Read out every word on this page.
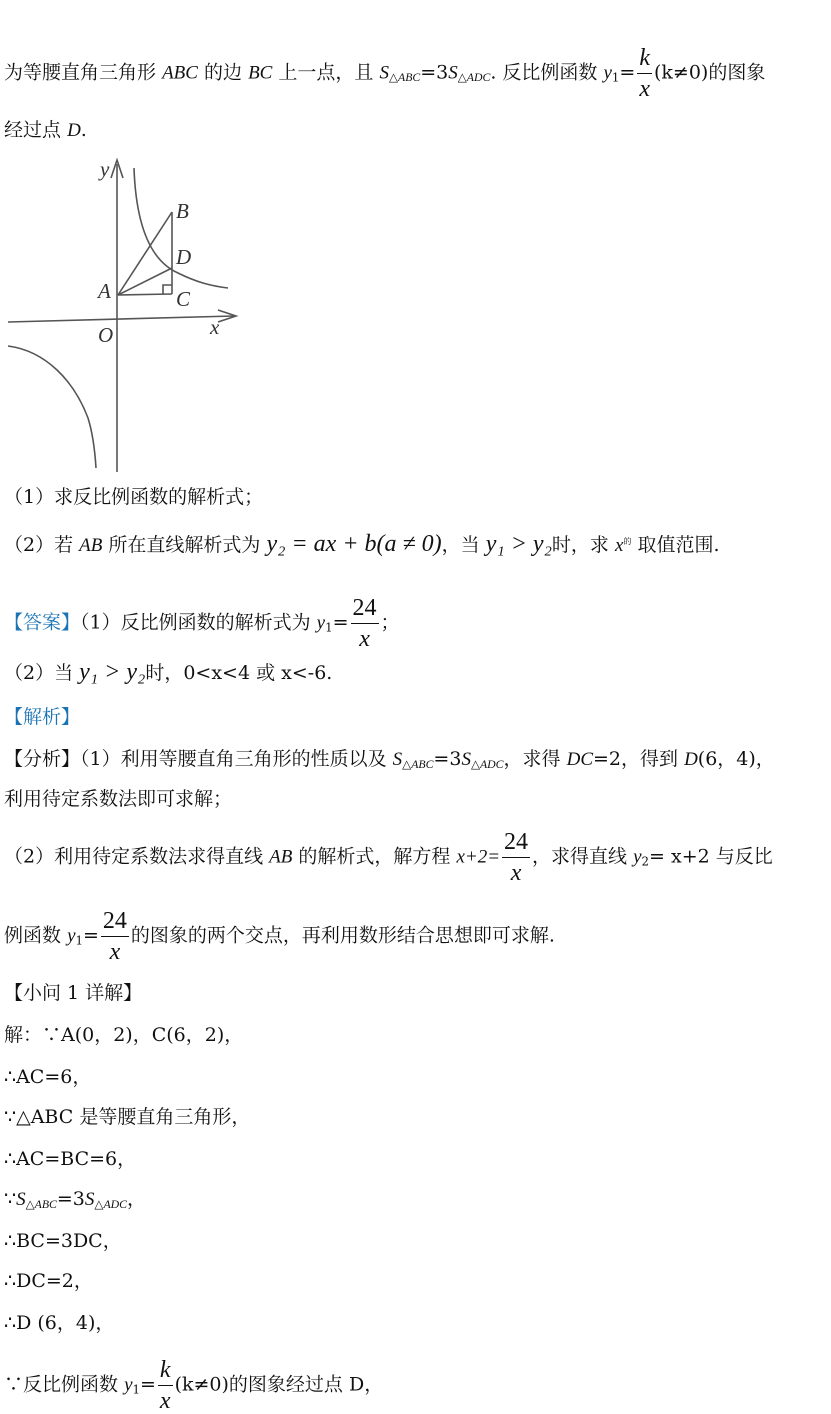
为等腰直角三角形 ABC 的边 BC 上一点，且 $S_{\triangle ABC}=3S_{\triangle ADC}$. 反比例函数 $y_1= \frac{k}{x} (k\ne 0)$的图象
经过点 D.
y
x
O
A
B
D
C
（1）求反比例函数的解析式；
（2）若 AB 所在直线解析式为 y₂ = ax + b(a ≠ 0)，当 y₁ > y₂时，求 $x^的$ 取值范围.
【答案】（1）反比例函数的解析式为 $y_1= \frac{24}{x}$ ；
（2）当 y₁ > y₂时，0<x<4 或 x<-6.
【解析】
【分析】（1）利用等腰直角三角形的性质以及 $S_{\triangle ABC}=3S_{\triangle ADC}$，求得 DC=2，得到 D(6，4)，
利用待定系数法即可求解；
（2）利用待定系数法求得直线 AB 的解析式，解方程 $x+2= \frac{24}{x}$ ，求得直线 $y_2= x+2$ 与反比
例函数 $y_1= \frac{24}{x}$ 的图象的两个交点，再利用数形结合思想即可求解.
【小问 1 详解】
解：∵A(0，2)，C(6，2)，
∴AC=6，
∵△ABC 是等腰直角三角形，
∴AC=BC=6，
$\because S_{\triangle ABC}=3S_{\triangle ADC}$，
∴BC=3DC，
∴DC=2，
∴D (6，4)，
∵反比例函数 $y_1= \frac{k}{x} (k\ne 0)$的图象经过点 D，
